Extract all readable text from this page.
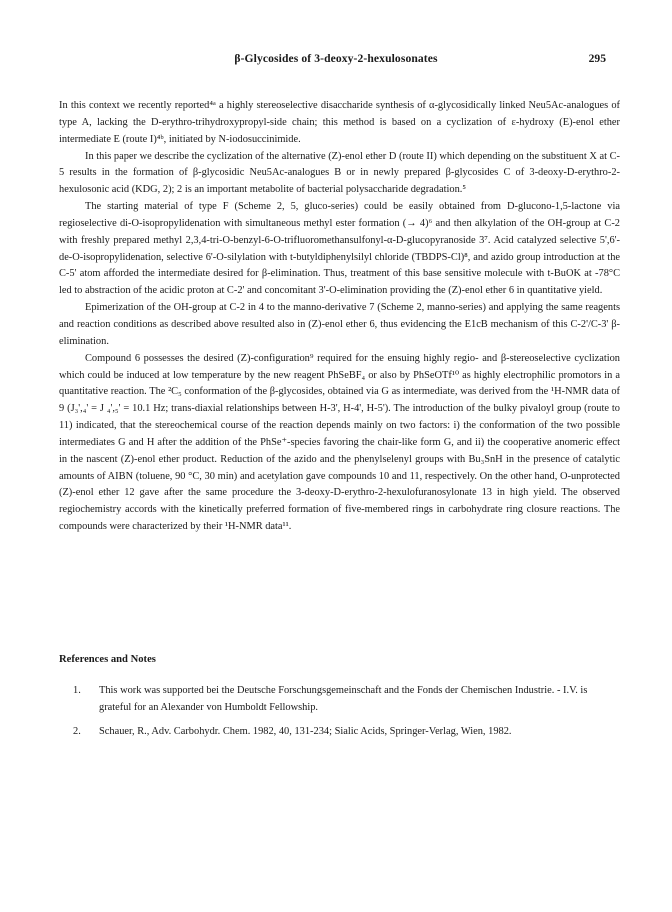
β-Glycosides of 3-deoxy-2-hexulosonates	295

In this context we recently reported⁴ᵃ a highly stereoselective disaccharide synthesis of α-glycosidically linked Neu5Ac-analogues of type A, lacking the D-erythro-trihydroxypropyl-side chain; this method is based on a cyclization of ε-hydroxy (E)-enol ether intermediate E (route I)⁴ᵇ, initiated by N-iodosuccinimide.

In this paper we describe the cyclization of the alternative (Z)-enol ether D (route II) which depending on the substituent X at C-5 results in the formation of β-glycosidic Neu5Ac-analogues B or in newly prepared β-glycosides C of 3-deoxy-D-erythro-2-hexulosonic acid (KDG, 2); 2 is an important metabolite of bacterial polysaccharide degradation.⁵

The starting material of type F (Scheme 2, 5, gluco-series) could be easily obtained from D-glucono-1,5-lactone via regioselective di-O-isopropylidenation with simultaneous methyl ester formation (→ 4)⁶ and then alkylation of the OH-group at C-2 with freshly prepared methyl 2,3,4-tri-O-benzyl-6-O-trifluoromethansulfonyl-α-D-glucopyranoside 3⁷. Acid catalyzed selective 5',6'-de-O-isopropylidenation, selective 6'-O-silylation with t-butyldiphenylsilyl chloride (TBDPS-Cl)⁸, and azido group introduction at the C-5' atom afforded the intermediate desired for β-elimination. Thus, treatment of this base sensitive molecule with t-BuOK at -78°C led to abstraction of the acidic proton at C-2' and concomitant 3'-O-elimination providing the (Z)-enol ether 6 in quantitative yield.

Epimerization of the OH-group at C-2 in 4 to the manno-derivative 7 (Scheme 2, manno-series) and applying the same reagents and reaction conditions as described above resulted also in (Z)-enol ether 6, thus evidencing the E1cB mechanism of this C-2'/C-3' β-elimination.

Compound 6 possesses the desired (Z)-configuration⁹ required for the ensuing highly regio- and β-stereoselective cyclization which could be induced at low temperature by the new reagent PhSeBF₄ or also by PhSeOTf¹⁰ as highly electrophilic promotors in a quantitative reaction. The ²C₅ conformation of the β-glycosides, obtained via G as intermediate, was derived from the ¹H-NMR data of 9 (J₃',₄' = J ₄',₅' = 10.1 Hz; trans-diaxial relationships between H-3', H-4', H-5'). The introduction of the bulky pivaloyl group (route to 11) indicated, that the stereochemical course of the reaction depends mainly on two factors: i) the conformation of the two possible intermediates G and H after the addition of the PhSe⁺-species favoring the chair-like form G, and ii) the cooperative anomeric effect in the nascent (Z)-enol ether product. Reduction of the azido and the phenylselenyl groups with Bu₃SnH in the presence of catalytic amounts of AIBN (toluene, 90 °C, 30 min) and acetylation gave compounds 10 and 11, respectively. On the other hand, O-unprotected (Z)-enol ether 12 gave after the same procedure the 3-deoxy-D-erythro-2-hexulofuranosylonate 13 in high yield. The observed regiochemistry accords with the kinetically preferred formation of five-membered rings in carbohydrate ring closure reactions. The compounds were characterized by their ¹H-NMR data¹¹.

References and Notes
1. This work was supported bei the Deutsche Forschungsgemeinschaft and the Fonds der Chemischen Industrie. - I.V. is grateful for an Alexander von Humboldt Fellowship.
2. Schauer, R., Adv. Carbohydr. Chem. 1982, 40, 131-234; Sialic Acids, Springer-Verlag, Wien, 1982.
